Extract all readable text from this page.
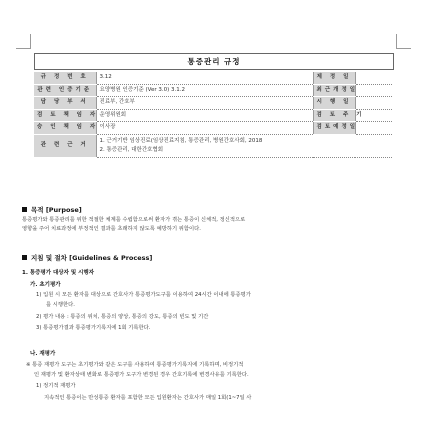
통증관리 규정
규 정 번 호	3.12	제 정 일	
관련 인증기준	요양병원 인증기준 (Ver 3.0) 3.1.2	최근개정일	
담 당 부 서	진료부, 간호부	시 행 일	
검 토 책 임 자	운영위원회	검 토 주 기	
승 인 책 임 자	이사장	검토예정일	
관 련 근 거	1. 근거기반 임상진료(임상진료지침, 통증관리, 병원간호사회, 2018
2. 통증관리, 대한간호협회		
목적 [Purpose]
통증평가와 통증관리를 위한 적절한 체계를 수립함으로써 환자가 겪는 통증이 신체적, 정신적으로
영향을 주어 치료과정에 부정적인 결과를 초래하지 않도록 예방하기 위함이다.
지침 및 절차 [Guidelines & Process]
1. 통증평가 대상자 및 시행자
가. 초기평가
1) 입원 시 모든 환자를 대상으로 간호사가 통증평가도구를 이용하여 24시간 이내에 통증평가
를 시행한다.
2) 평가 내용 : 통증의 위치, 통증의 양상, 통증의 강도, 통증의 빈도 및 기간
3) 통증평가결과 통증평가기록지에 1회 기록한다.
나. 재평가
※ 통증 재평가 도구는 초기평가와 같은 도구를 사용하여 통증평가기록지에 기록하며, 비정기적
인 재평가 및 환자상태 변화로 통증평가 도구가 변경된 경우 간호기록에 변경사유를 기록한다.
1) 정기적 재평가
지속적인 통증이는 만성통증 환자를 포함한 모든 입원환자는 간호사가 매일 1회(1~7일 사
